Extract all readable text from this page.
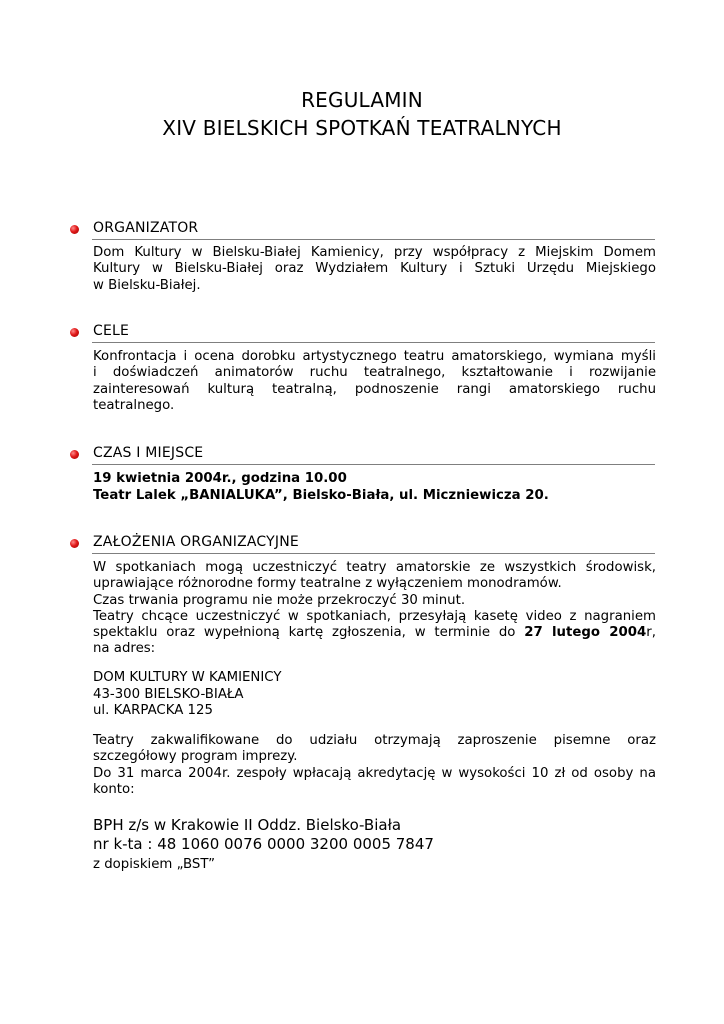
REGULAMIN
XIV BIELSKICH SPOTKAŃ TEATRALNYCH
ORGANIZATOR
Dom Kultury w Bielsku-Białej Kamienicy, przy współpracy z Miejskim Domem
Kultury w Bielsku-Białej oraz Wydziałem Kultury i Sztuki Urzędu Miejskiego
w Bielsku-Białej.
CELE
Konfrontacja i ocena dorobku artystycznego teatru amatorskiego, wymiana myśli
i doświadczeń animatorów ruchu teatralnego, kształtowanie i rozwijanie
zainteresowań kulturą teatralną, podnoszenie rangi amatorskiego ruchu
teatralnego.
CZAS I MIEJSCE
19 kwietnia 2004r., godzina 10.00
Teatr Lalek „BANIALUKA”, Bielsko-Biała, ul. Miczniewicza 20.
ZAŁOŻENIA ORGANIZACYJNE
W spotkaniach mogą uczestniczyć teatry amatorskie ze wszystkich środowisk,
uprawiające różnorodne formy teatralne z wyłączeniem monodramów.
Czas trwania programu nie może przekroczyć 30 minut.
Teatry chcące uczestniczyć w spotkaniach, przesyłają kasetę video z nagraniem
spektaklu oraz wypełnioną kartę zgłoszenia, w terminie do 27 lutego 2004r,
na adres:
DOM KULTURY W KAMIENICY
43-300 BIELSKO-BIAŁA
ul. KARPACKA 125
Teatry zakwalifikowane do udziału otrzymają zaproszenie pisemne oraz
szczegółowy program imprezy.
Do 31 marca 2004r. zespoły wpłacają akredytację w wysokości 10 zł od osoby na
konto:
BPH z/s w Krakowie II Oddz. Bielsko-Biała
nr k-ta : 48 1060 0076 0000 3200 0005 7847
z dopiskiem „BST”
